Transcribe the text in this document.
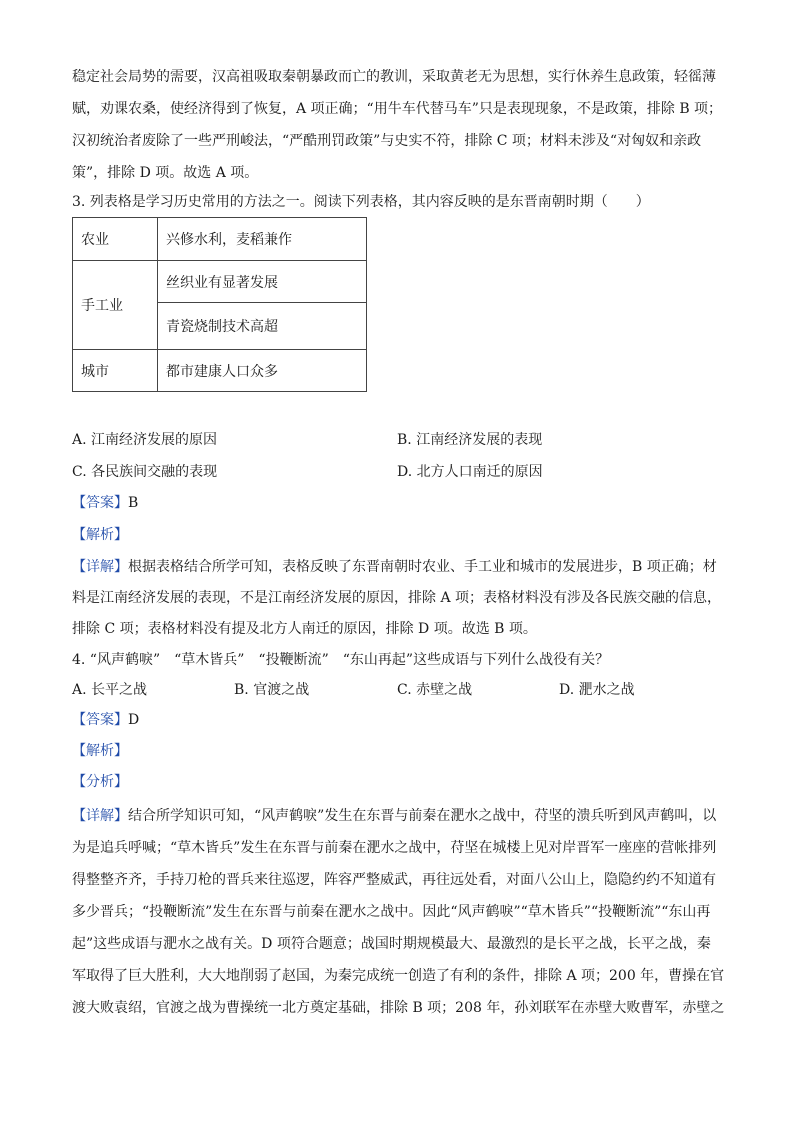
稳定社会局势的需要，汉高祖吸取秦朝暴政而亡的教训，采取黄老无为思想，实行休养生息政策，轻徭薄
赋，劝课农桑，使经济得到了恢复，A 项正确；“用牛车代替马车”只是表现现象，不是政策，排除 B 项；
汉初统治者废除了一些严刑峻法，“严酷刑罚政策”与史实不符，排除 C 项；材料未涉及“对匈奴和亲政
策”，排除 D 项。故选 A 项。
3. 列表格是学习历史常用的方法之一。阅读下列表格，其内容反映的是东晋南朝时期（　　）
农业	兴修水利，麦稻兼作
手工业	丝织业有显著发展
	青瓷烧制技术高超
城市	都市建康人口众多
A. 江南经济发展的原因	B. 江南经济发展的表现
C. 各民族间交融的表现	D. 北方人口南迁的原因
【答案】B
【解析】
【详解】根据表格结合所学可知，表格反映了东晋南朝时农业、手工业和城市的发展进步，B 项正确；材
料是江南经济发展的表现，不是江南经济发展的原因，排除 A 项；表格材料没有涉及各民族交融的信息，
排除 C 项；表格材料没有提及北方人南迁的原因，排除 D 项。故选 B 项。
4. “风声鹤唳”　“草木皆兵”　“投鞭断流”　“东山再起”这些成语与下列什么战役有关？
A. 长平之战	B. 官渡之战	C. 赤壁之战	D. 淝水之战
【答案】D
【解析】
【分析】
【详解】结合所学知识可知，“风声鹤唳”发生在东晋与前秦在淝水之战中，苻坚的溃兵听到风声鹤叫，以
为是追兵呼喊；“草木皆兵”发生在东晋与前秦在淝水之战中，苻坚在城楼上见对岸晋军一座座的营帐排列
得整整齐齐，手持刀枪的晋兵来往巡逻，阵容严整威武，再往远处看，对面八公山上，隐隐约约不知道有
多少晋兵；“投鞭断流”发生在东晋与前秦在淝水之战中。因此“风声鹤唳”“草木皆兵”“投鞭断流”“东山再
起”这些成语与淝水之战有关。D 项符合题意；战国时期规模最大、最激烈的是长平之战，长平之战，秦
军取得了巨大胜利，大大地削弱了赵国，为秦完成统一创造了有利的条件，排除 A 项；200 年，曹操在官
渡大败袁绍，官渡之战为曹操统一北方奠定基础，排除 B 项；208 年，孙刘联军在赤壁大败曹军，赤壁之
